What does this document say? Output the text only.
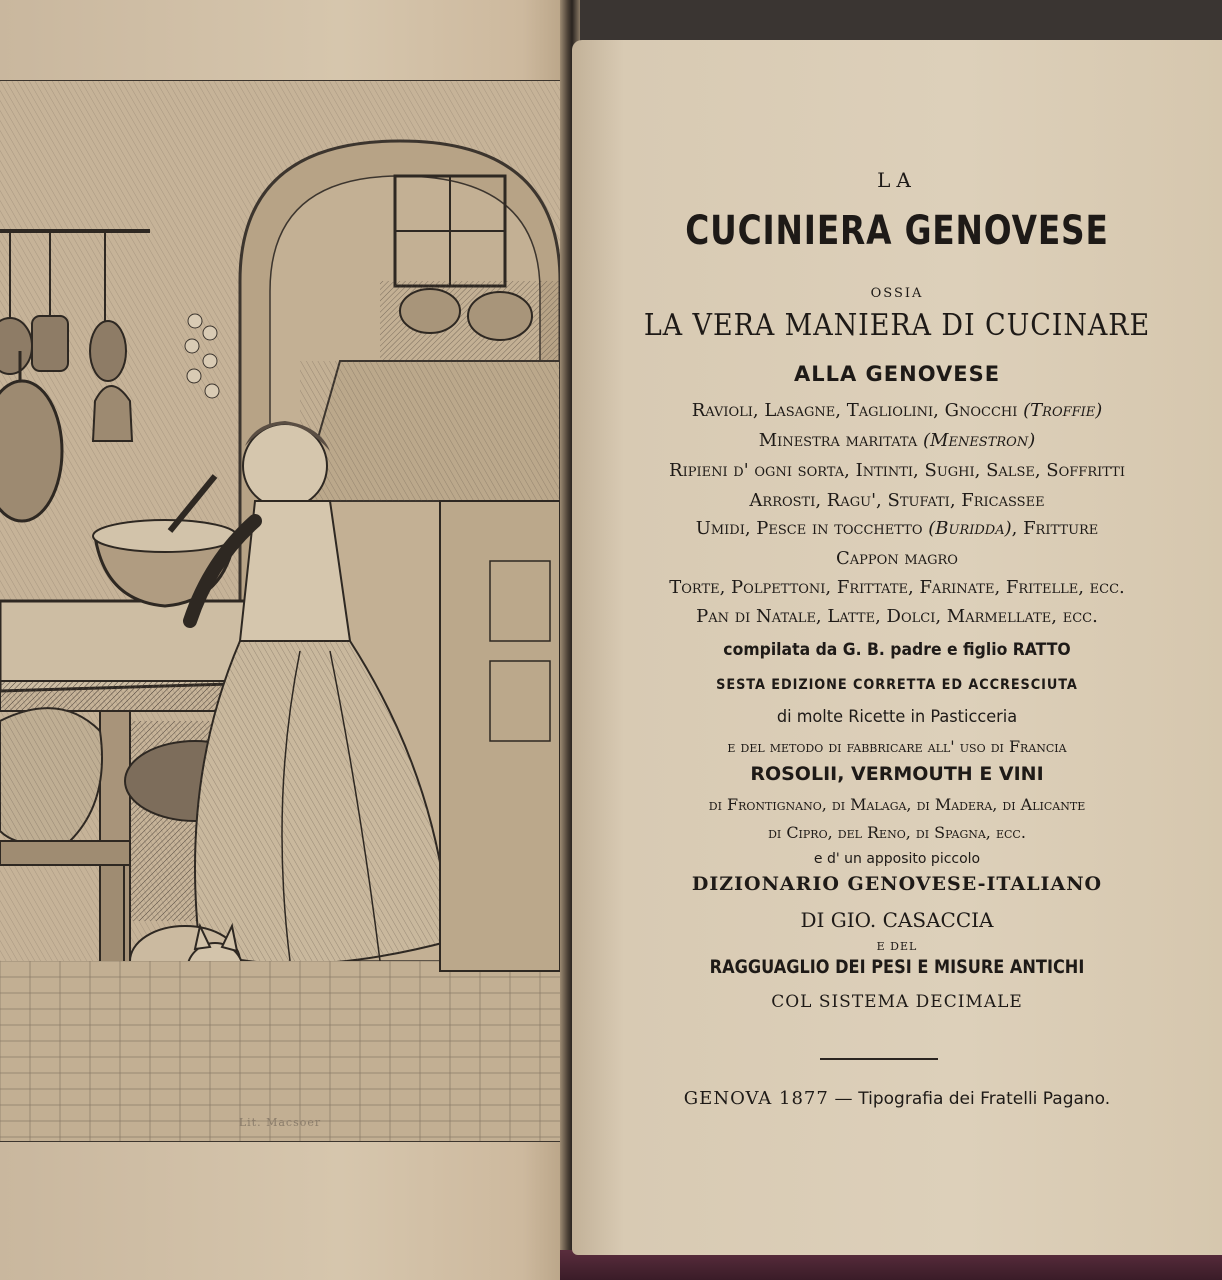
Lit. Macsoer
LA
CUCINIERA GENOVESE
OSSIA
LA VERA MANIERA DI CUCINARE
ALLA GENOVESE
Ravioli, Lasagne, Tagliolini, Gnocchi (Troffie)
Minestra maritata (Menestron)
Ripieni d' ogni sorta, Intinti, Sughi, Salse, Soffritti
Arrosti, Ragu', Stufati, Fricassee
Umidi, Pesce in tocchetto (Buridda), Fritture
Cappon magro
Torte, Polpettoni, Frittate, Farinate, Fritelle, ecc.
Pan di Natale, Latte, Dolci, Marmellate, ecc.
compilata da G. B. padre e figlio RATTO
SESTA EDIZIONE CORRETTA ED ACCRESCIUTA
di molte Ricette in Pasticceria
e del metodo di fabbricare all' uso di Francia
ROSOLII, VERMOUTH E VINI
di Frontignano, di Malaga, di Madera, di Alicante
di Cipro, del Reno, di Spagna, ecc.
e d' un apposito piccolo
DIZIONARIO GENOVESE-ITALIANO
DI GIO. CASACCIA
E DEL
RAGGUAGLIO DEI PESI E MISURE ANTICHI
COL SISTEMA DECIMALE
GENOVA 1877 — Tipografia dei Fratelli Pagano.
